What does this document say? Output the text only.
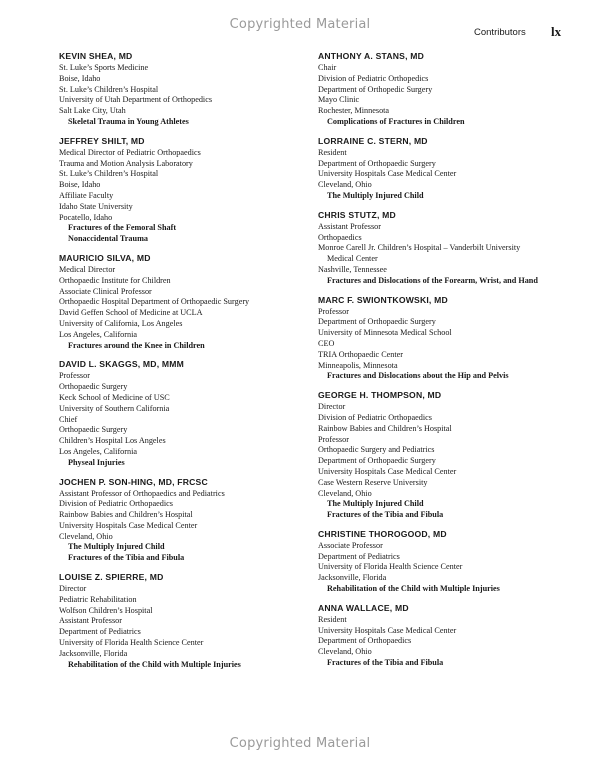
Copyrighted Material
Contributors lx
KEVIN SHEA, MD
St. Luke’s Sports Medicine
Boise, Idaho
St. Luke’s Children’s Hospital
University of Utah Department of Orthopedics
Salt Lake City, Utah
Skeletal Trauma in Young Athletes
JEFFREY SHILT, MD
Medical Director of Pediatric Orthopaedics
Trauma and Motion Analysis Laboratory
St. Luke’s Children’s Hospital
Boise, Idaho
Affiliate Faculty
Idaho State University
Pocatello, Idaho
Fractures of the Femoral Shaft
Nonaccidental Trauma
MAURICIO SILVA, MD
Medical Director
Orthopaedic Institute for Children
Associate Clinical Professor
Orthopaedic Hospital Department of Orthopaedic Surgery
David Geffen School of Medicine at UCLA
University of California, Los Angeles
Los Angeles, California
Fractures around the Knee in Children
DAVID L. SKAGGS, MD, MMM
Professor
Orthopaedic Surgery
Keck School of Medicine of USC
University of Southern California
Chief
Orthopaedic Surgery
Children’s Hospital Los Angeles
Los Angeles, California
Physeal Injuries
JOCHEN P. SON-HING, MD, FRCSC
Assistant Professor of Orthopaedics and Pediatrics
Division of Pediatric Orthopaedics
Rainbow Babies and Children’s Hospital
University Hospitals Case Medical Center
Cleveland, Ohio
The Multiply Injured Child
Fractures of the Tibia and Fibula
LOUISE Z. SPIERRE, MD
Director
Pediatric Rehabilitation
Wolfson Children’s Hospital
Assistant Professor
Department of Pediatrics
University of Florida Health Science Center
Jacksonville, Florida
Rehabilitation of the Child with Multiple Injuries
ANTHONY A. STANS, MD
Chair
Division of Pediatric Orthopedics
Department of Orthopedic Surgery
Mayo Clinic
Rochester, Minnesota
Complications of Fractures in Children
LORRAINE C. STERN, MD
Resident
Department of Orthopaedic Surgery
University Hospitals Case Medical Center
Cleveland, Ohio
The Multiply Injured Child
CHRIS STUTZ, MD
Assistant Professor
Orthopaedics
Monroe Carell Jr. Children’s Hospital – Vanderbilt University
Medical Center
Nashville, Tennessee
Fractures and Dislocations of the Forearm, Wrist, and Hand
MARC F. SWIONTKOWSKI, MD
Professor
Department of Orthopaedic Surgery
University of Minnesota Medical School
CEO
TRIA Orthopaedic Center
Minneapolis, Minnesota
Fractures and Dislocations about the Hip and Pelvis
GEORGE H. THOMPSON, MD
Director
Division of Pediatric Orthopaedics
Rainbow Babies and Children’s Hospital
Professor
Orthopaedic Surgery and Pediatrics
Department of Orthopaedic Surgery
University Hospitals Case Medical Center
Case Western Reserve University
Cleveland, Ohio
The Multiply Injured Child
Fractures of the Tibia and Fibula
CHRISTINE THOROGOOD, MD
Associate Professor
Department of Pediatrics
University of Florida Health Science Center
Jacksonville, Florida
Rehabilitation of the Child with Multiple Injuries
ANNA WALLACE, MD
Resident
University Hospitals Case Medical Center
Department of Orthopaedics
Cleveland, Ohio
Fractures of the Tibia and Fibula
Copyrighted Material
